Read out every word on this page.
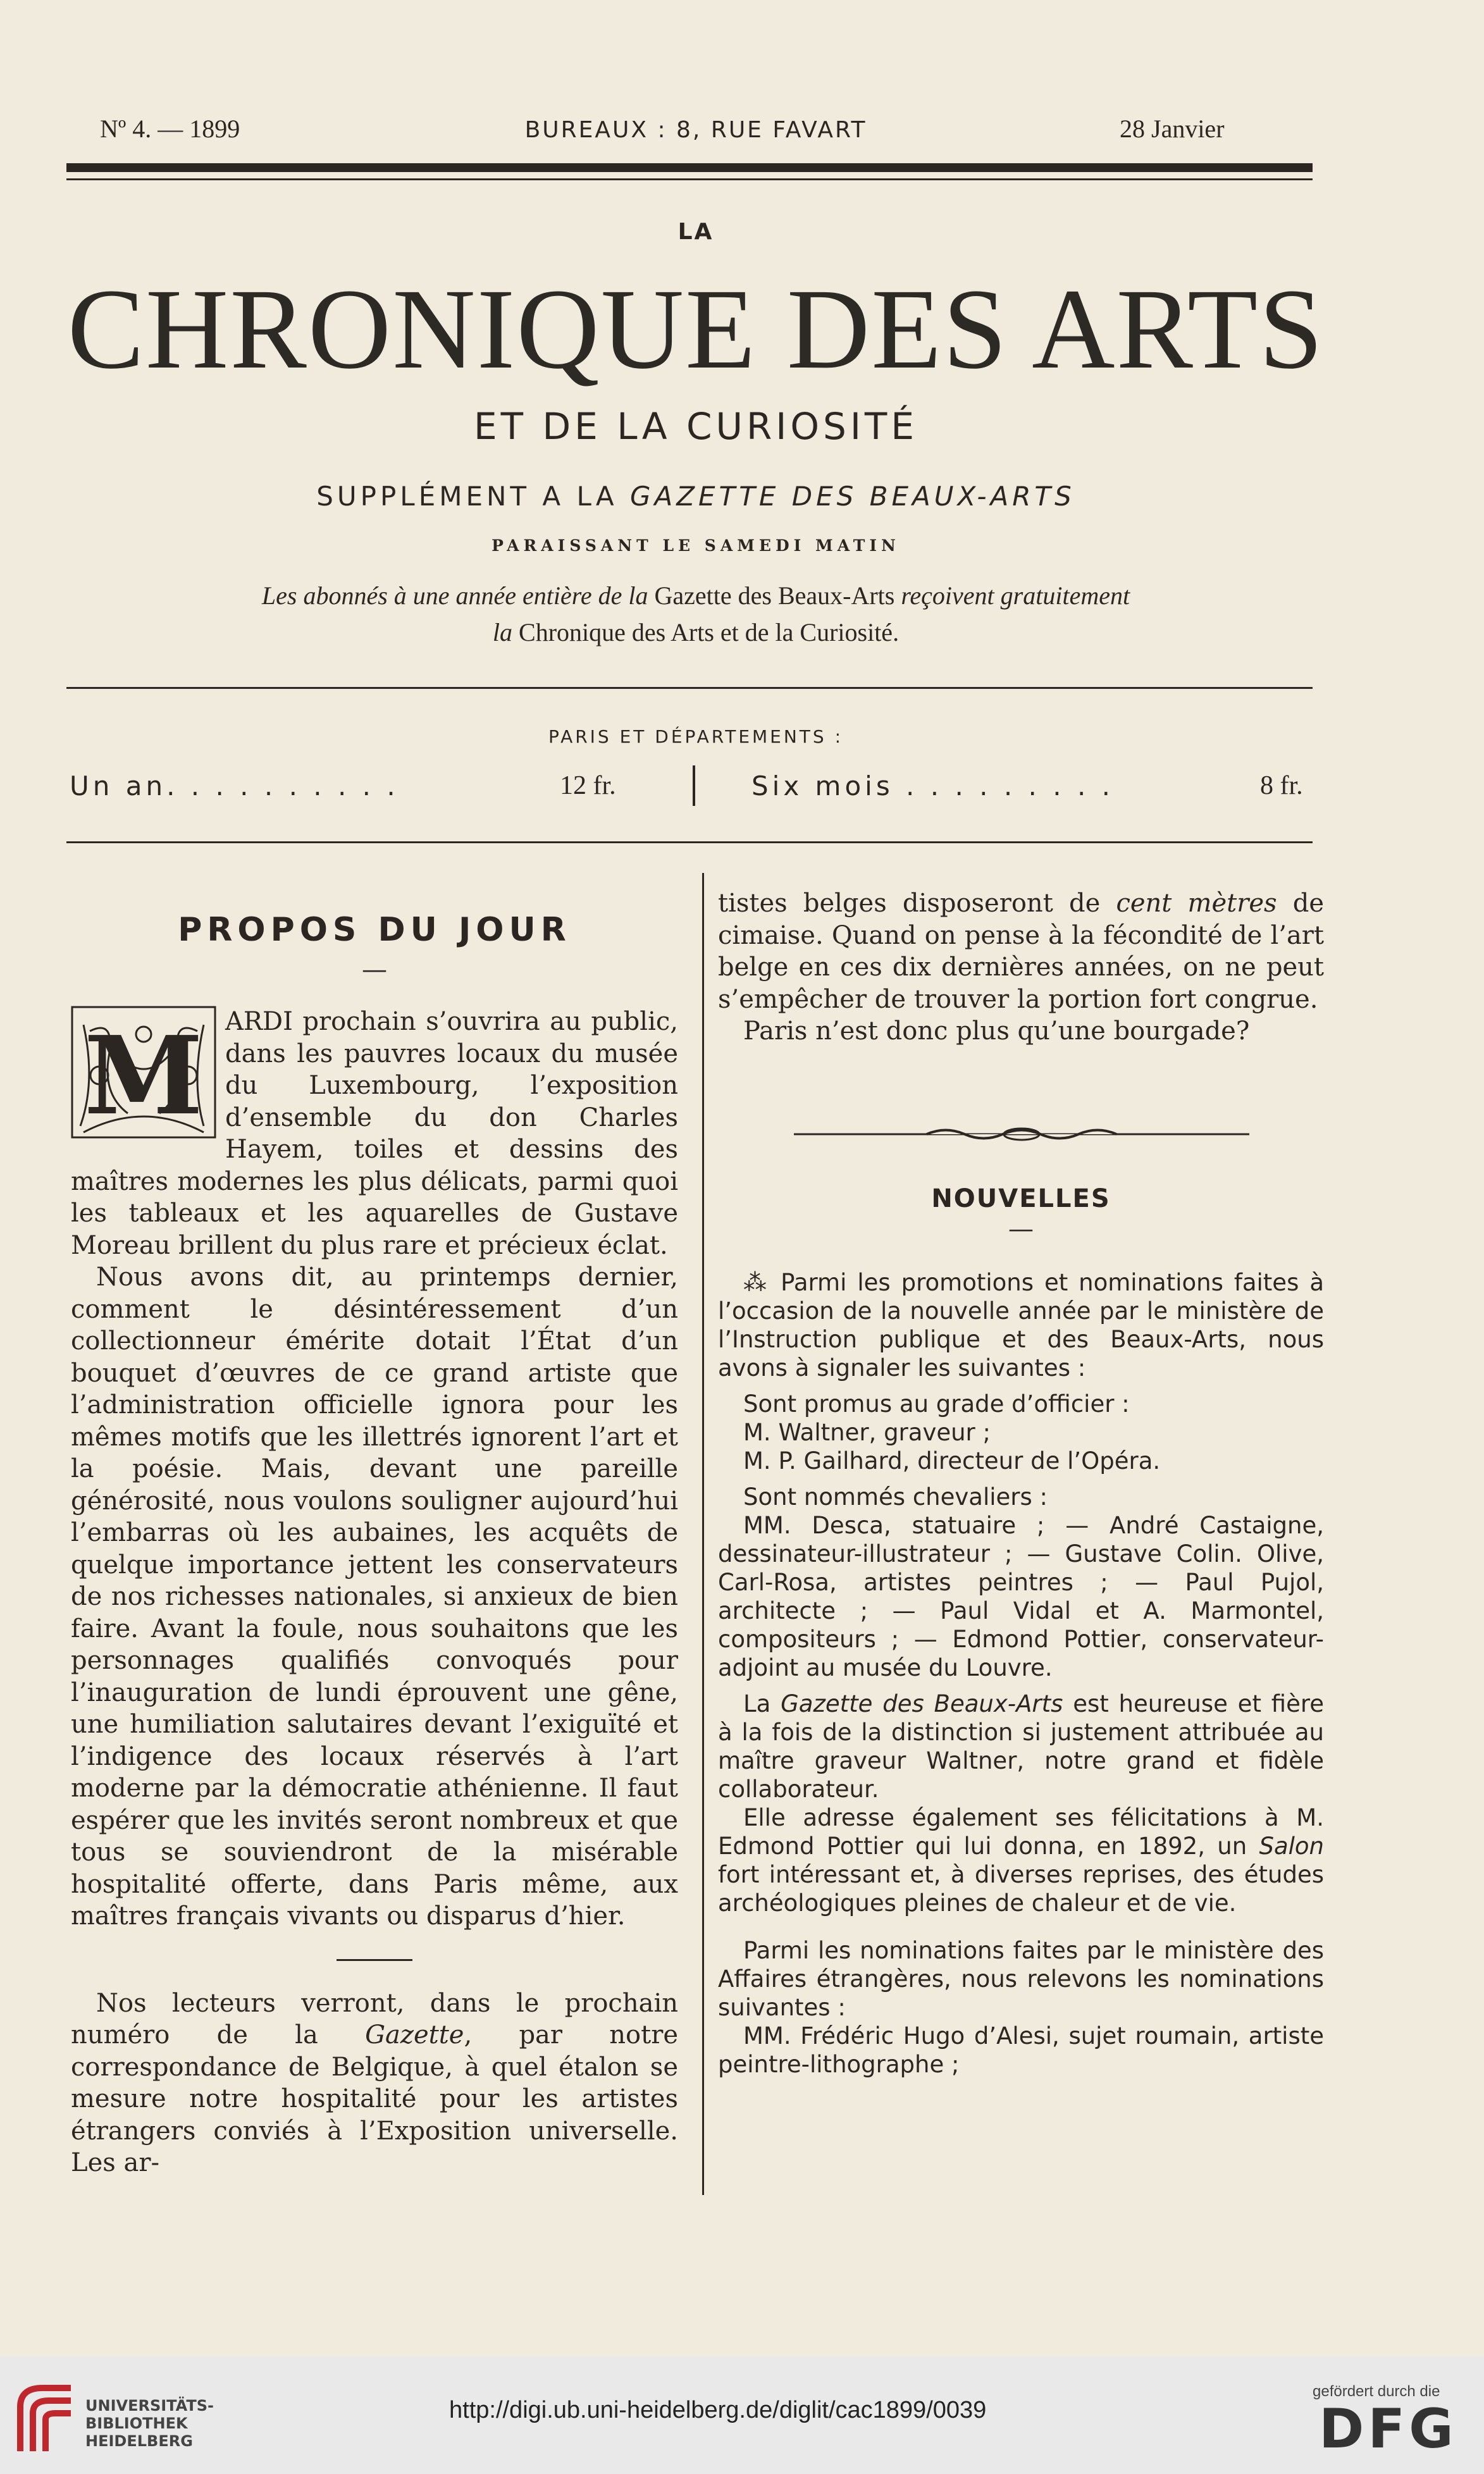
Nº 4. — 1899	BUREAUX : 8, RUE FAVART	28 Janvier
LA
CHRONIQUE DES ARTS
ET DE LA CURIOSITÉ
SUPPLÉMENT A LA GAZETTE DES BEAUX-ARTS
PARAISSANT LE SAMEDI MATIN
Les abonnés à une année entière de la Gazette des Beaux-Arts reçoivent gratuitement
la Chronique des Arts et de la Curiosité.
PARIS ET DÉPARTEMENTS :
Un an. . . . . . . . . .	12 fr.	Six mois . . . . . . . . .	8 fr.
PROPOS DU JOUR
—
M ARDI prochain s’ouvrira au public, dans les pauvres locaux du musée du Luxembourg, l’exposition d’ensemble du don Charles Hayem, toiles et dessins des maîtres modernes les plus délicats, parmi quoi les tableaux et les aquarelles de Gustave Moreau brillent du plus rare et précieux éclat.

Nous avons dit, au printemps dernier, comment le désintéressement d’un collectionneur émérite dotait l’État d’un bouquet d’œuvres de ce grand artiste que l’administration officielle ignora pour les mêmes motifs que les illettrés ignorent l’art et la poésie. Mais, devant une pareille générosité, nous voulons souligner aujourd’hui l’embarras où les aubaines, les acquêts de quelque importance jettent les conservateurs de nos richesses nationales, si anxieux de bien faire. Avant la foule, nous souhaitons que les personnages qualifiés convoqués pour l’inauguration de lundi éprouvent une gêne, une humiliation salutaires devant l’exiguïté et l’indigence des locaux réservés à l’art moderne par la démocratie athénienne. Il faut espérer que les invités seront nombreux et que tous se souviendront de la misérable hospitalité offerte, dans Paris même, aux maîtres français vivants ou disparus d’hier.

Nos lecteurs verront, dans le prochain numéro de la Gazette, par notre correspondance de Belgique, à quel étalon se mesure notre hospitalité pour les artistes étrangers conviés à l’Exposition universelle. Les ar-

tistes belges disposeront de cent mètres de cimaise. Quand on pense à la fécondité de l’art belge en ces dix dernières années, on ne peut s’empêcher de trouver la portion fort congrue.

Paris n’est donc plus qu’une bourgade?

NOUVELLES
—

⁂ Parmi les promotions et nominations faites à l’occasion de la nouvelle année par le ministère de l’Instruction publique et des Beaux-Arts, nous avons à signaler les suivantes :

Sont promus au grade d’officier :

M. Waltner, graveur ;

M. P. Gailhard, directeur de l’Opéra.

Sont nommés chevaliers :

MM. Desca, statuaire ; — André Castaigne, dessinateur-illustrateur ; — Gustave Colin. Olive, Carl-Rosa, artistes peintres ; — Paul Pujol, architecte ; — Paul Vidal et A. Marmontel, compositeurs ; — Edmond Pottier, conservateur-adjoint au musée du Louvre.

La Gazette des Beaux-Arts est heureuse et fière à la fois de la distinction si justement attribuée au maître graveur Waltner, notre grand et fidèle collaborateur.

Elle adresse également ses félicitations à M. Edmond Pottier qui lui donna, en 1892, un Salon fort intéressant et, à diverses reprises, des études archéologiques pleines de chaleur et de vie.

Parmi les nominations faites par le ministère des Affaires étrangères, nous relevons les nominations suivantes :

MM. Frédéric Hugo d’Alesi, sujet roumain, artiste peintre-lithographe ;

UNIVERSITÄTS-
BIBLIOTHEK
HEIDELBERG
http://digi.ub.uni-heidelberg.de/diglit/cac1899/0039
gefördert durch die
DFG
